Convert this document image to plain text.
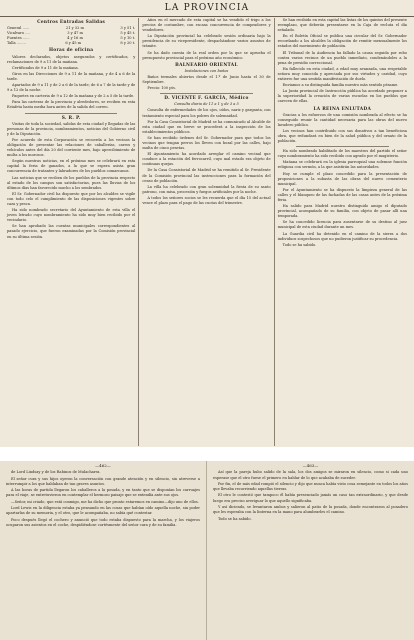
LA PROVINCIA
Centros Entradas Salidas
General ......	21 y 32 m	3 y 51 t.
Vicalvaro ....	3 y 47 m	5 y 45 t.
Fuentes ......	4 y 16 m	5 y 10 t.
Talla ........	6 y 45 m	8 y 20 t.
Horas de oficina

Valores declarados, objetos asegurados y certificados, y reclamaciones de 9 a 11 de la mañana.

Certificados de 9 a 11 de la mañana.

Giros en las Direcciones de 9 a 11 de la mañana, y de 4 a 6 de la tarde.

Apartados de 9 a 11 y de 2 a 6 de la tarde; de 6 a 7 de la tarde y de 9 a 12 de la noche.

Paquetes en carteria de 9 a 12 de la mañana y de 2 a 5 de la tarde.

Para las carteras de la provincia y alrededores, se reciben en esta Estafeta hasta media hora antes de la salida del correo.

S. R. P.

Visitas de toda la sociedad, salidas de esta ciudad y llegadas de las personas de la provincia, nombramientos, noticias del Gobierno civil y de la Diputación.

Por acuerdo de esta Corporación se recuerda a los vecinos la obligación de presentar las relaciones de caballerías, carros y vehículos antes del día 20 del corriente mes, bajo apercibimiento de multa a los morosos.

Según nuestras noticias, en el próximo mes se celebrará en esta capital la feria de ganados, a la que se espera asista gran concurrencia de tratantes y labradores de los pueblos comarcanos.

Las noticias que se reciben de los pueblos de la provincia respecto al estado de los campos son satisfactorias, pues las lluvias de los últimos días han favorecido mucho a los sembrados.

El Sr. Gobernador civil ha dispuesto que por los alcaldes se vigile con todo celo el cumplimiento de las disposiciones vigentes sobre caza y pesca.

Ha sido nombrado secretario del Ayuntamiento de esta villa el joven letrado cuyo nombramiento ha sido muy bien recibido por el vecindario.

Se han aprobado las cuentas municipales correspondientes al pasado ejercicio, que fueron examinadas por la Comisión provincial en su última sesión.

Años en el mercado de esta capital se ha vendido el trigo a los precios de costumbre, con escasa concurrencia de compradores y vendedores.

La Diputación provincial ha celebrado sesión ordinaria bajo la presidencia de su vicepresidente, despachándose varios asuntos de trámite.

Se ha dado cuenta de la real orden por la que se aprueba el presupuesto provincial para el próximo año económico.

BALNEARIO ORIENTAL
Instalaciones con baños

Baños termales abiertos desde el 1.º de Junio hasta el 30 de Septiembre.

Precio: 100 pts.

D. VICENTE F. GARCÍA, Médico
Consulta diaria de 11 a 1 y de 3 a 5

Consulta de enfermedades de los ojos, oídos, nariz y garganta, con tratamiento especial para los pobres de solemnidad.

Por la Casa Consistorial de Madrid se ha comunicado al Alcalde de esta ciudad que en breve se procederá a la inspección de los establecimientos públicos.

Se han recibido órdenes del Sr. Gobernador para que todos los vecinos que tengan perros los lleven con bozal por las calles, bajo multa de cinco pesetas.

El Ayuntamiento ha acordado arreglar el camino vecinal que conduce a la estación del ferrocarril, cuyo mal estado era objeto de continuas quejas.

De la Casa Consistorial de Madrid se ha remitido al Sr. Presidente de la Comisión provincial las instrucciones para la formación del censo de población.

La villa ha celebrado con gran solemnidad la fiesta de su santo patrono, con misa, procesión y fuegos artificiales por la noche.

A todos los señores socios se les recuerda que el día 15 del actual vence el plazo para el pago de las cuotas del trimestre.

Se han recibido en esta capital las listas de los quintos del presente reemplazo, que deberán presentarse en la Caja de recluta el día señalado.

En el Boletín Oficial se publica una circular del Sr. Gobernador recordando a los alcaldes la obligación de remitir mensualmente los estados del movimiento de población.

El Tribunal de la Audiencia ha fallado la causa seguida por robo contra varios vecinos de un pueblo inmediato, condenándoles a la pena de presidio correccional.

Ha fallecido en esta ciudad, a edad muy avanzada, una respetable señora muy conocida y apreciada por sus virtudes y caridad, cuyo entierro fue una sentida manifestación de duelo.

Enviamos a su distinguida familia nuestro más sentido pésame.

La Junta provincial de Instrucción pública ha acordado proponer a la superioridad la creación de varias escuelas en los pueblos que carecen de ellas.

LA REINA ENLUTADA

Gracias a los esfuerzos de una comisión nombrada al efecto se ha conseguido reunir la cantidad necesaria para las obras del nuevo lavadero público.

Los vecinos han contribuido con sus donativos a tan beneficiosa obra, que redundará en bien de la salud pública y del ornato de la población.

Ha sido nombrado habilitado de los maestros del partido el señor cuyo nombramiento ha sido recibido con agrado por el magisterio.

Mañana se celebrará en la iglesia parroquial una solemne función religiosa con sermón, a la que asistirán las autoridades.

Hoy se cumple el plazo concedido para la presentación de proposiciones a la subasta de las obras del nuevo cementerio municipal.

Por el Ayuntamiento se ha dispuesto la limpieza general de las calles y el blanqueo de las fachadas de las casas antes de la próxima feria.

Ha salido para Madrid nuestro distinguido amigo el diputado provincial, acompañado de su familia, con objeto de pasar allí una temporada.

Se ha concedido licencia para ausentarse de su destino al juez municipal de esta ciudad durante un mes.

La Guardia civil ha detenido en el camino de la sierra a dos individuos sospechosos que no pudieron justificar su procedencia.

Todo se ha sabido.

—462—

de Lord Lindsay y de los Rabinos de Mulacharra.

El señor cura y sus hijos oyeron la conversación con grande atención y en silencio, sin atreverse a interrumpir a los que hablaban de tan graves asuntos.

A las horas de partida llegaron los caballeros a la posada, y en tanto que se disponían los carruajes para el viaje, se entretuvieron en contemplar el hermoso paisaje que se extendía ante sus ojos.

—Señor, mi criado, que está conmigo, me ha dicho que pronto estaremos en camino—dijo uno de ellos.

Lord Lewis en la diligencia estaba ya pensando en las cosas que habían oído aquella noche, sin poder apartarlas de su memoria, y el otro, que le acompañaba, no sabía qué contestar.

Poco después llegó el cochero y anunció que todo estaba dispuesto para la marcha, y los viajeros ocuparon sus asientos en el coche, despidiéndose cortésmente del señor cura y de su familia.

—463—

Así que la pareja hubo salido de la sala, los dos amigos se miraron en silencio, como si cada uno esperase que el otro fuese el primero en hablar de lo que acababa de suceder.

Por fin, el de más edad rompió el silencio y dijo que nunca había visto cosa semejante en todos los años que llevaba recorriendo aquellas tierras.

El otro le contestó que tampoco él había presenciado jamás un caso tan extraordinario, y que desde luego era preciso averiguar lo que aquello significaba.

Y así diciendo, se levantaron ambos y salieron al patio de la posada, donde encontraron al posadero que les esperaba con la linterna en la mano para alumbrarles el camino.

Todo se ha sabido.
